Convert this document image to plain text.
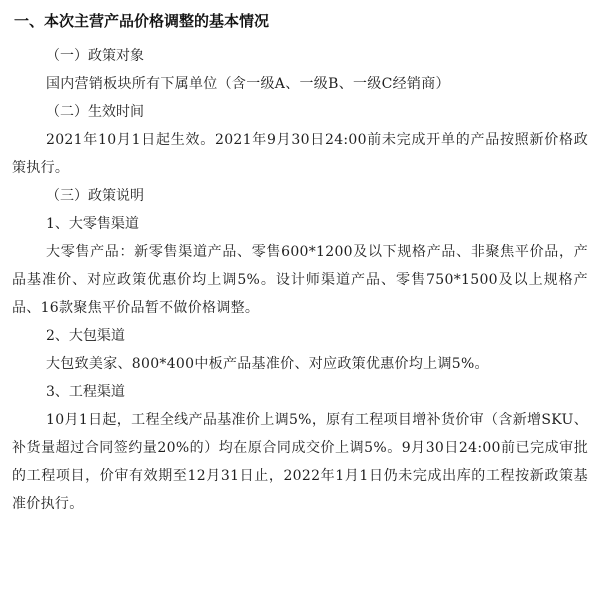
一、本次主营产品价格调整的基本情况

（一）政策对象

国内营销板块所有下属单位（含一级A、一级B、一级C经销商）

（二）生效时间

2021年10月1日起生效。2021年9月30日24:00前未完成开单的产品按照新价格政策执行。

（三）政策说明

1、大零售渠道

大零售产品：新零售渠道产品、零售600*1200及以下规格产品、非聚焦平价品，产品基准价、对应政策优惠价均上调5%。设计师渠道产品、零售750*1500及以上规格产品、16款聚焦平价品暂不做价格调整。

2、大包渠道

大包致美家、800*400中板产品基准价、对应政策优惠价均上调5%。

3、工程渠道

10月1日起，工程全线产品基准价上调5%，原有工程项目增补货价审（含新增SKU、补货量超过合同签约量20%的）均在原合同成交价上调5%。9月30日24:00前已完成审批的工程项目，价审有效期至12月31日止，2022年1月1日仍未完成出库的工程按新政策基准价执行。
